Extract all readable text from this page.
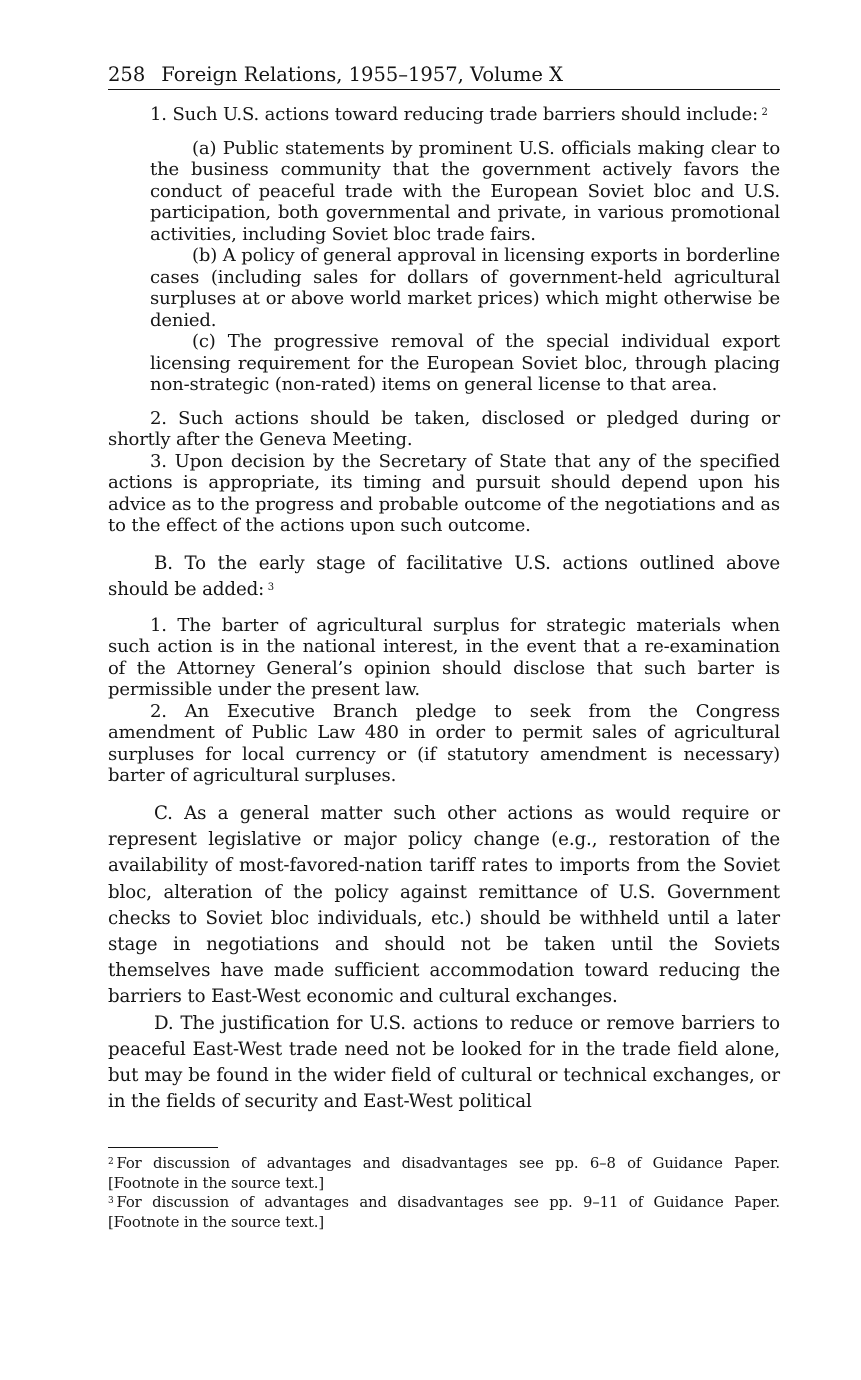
258 Foreign Relations, 1955–1957, Volume X

1. Such U.S. actions toward reducing trade barriers should include:  $^2$

(a) Public statements by prominent U.S. officials making clear to the business community that the government actively favors the conduct of peaceful trade with the European Soviet bloc and U.S. participation, both governmental and private, in various promotional activities, including Soviet bloc trade fairs.

(b) A policy of general approval in licensing exports in borderline cases (including sales for dollars of government-held agricultural surpluses at or above world market prices) which might otherwise be denied.

(c) The progressive removal of the special individual export licensing requirement for the European Soviet bloc, through placing non-strategic (non-rated) items on general license to that area.

2. Such actions should be taken, disclosed or pledged during or shortly after the Geneva Meeting.

3. Upon decision by the Secretary of State that any of the specified actions is appropriate, its timing and pursuit should depend upon his advice as to the progress and probable outcome of the negotiations and as to the effect of the actions upon such outcome.

B. To the early stage of facilitative U.S. actions outlined above should be added:  $^3$

1. The barter of agricultural surplus for strategic materials when such action is in the national interest, in the event that a re-examination of the Attorney General’s opinion should disclose that such barter is permissible under the present law.

2. An Executive Branch pledge to seek from the Congress amendment of Public Law 480 in order to permit sales of agricultural surpluses for local currency or (if statutory amendment is necessary) barter of agricultural surpluses.

C. As a general matter such other actions as would require or represent legislative or major policy change (e.g., restoration of the availability of most-favored-nation tariff rates to imports from the Soviet bloc, alteration of the policy against remittance of U.S. Government checks to Soviet bloc individuals, etc.) should be withheld until a later stage in negotiations and should not be taken until the Soviets themselves have made sufficient accommodation toward reducing the barriers to East-West economic and cultural exchanges.

D. The justification for U.S. actions to reduce or remove barriers to peaceful East-West trade need not be looked for in the trade field alone, but may be found in the wider field of cultural or technical exchanges, or in the fields of security and East-West political

$^2$  For discussion of advantages and disadvantages see pp. 6–8 of Guidance Paper. [Footnote in the source text.]

$^3$  For discussion of advantages and disadvantages see pp. 9–11 of Guidance Paper. [Footnote in the source text.]
